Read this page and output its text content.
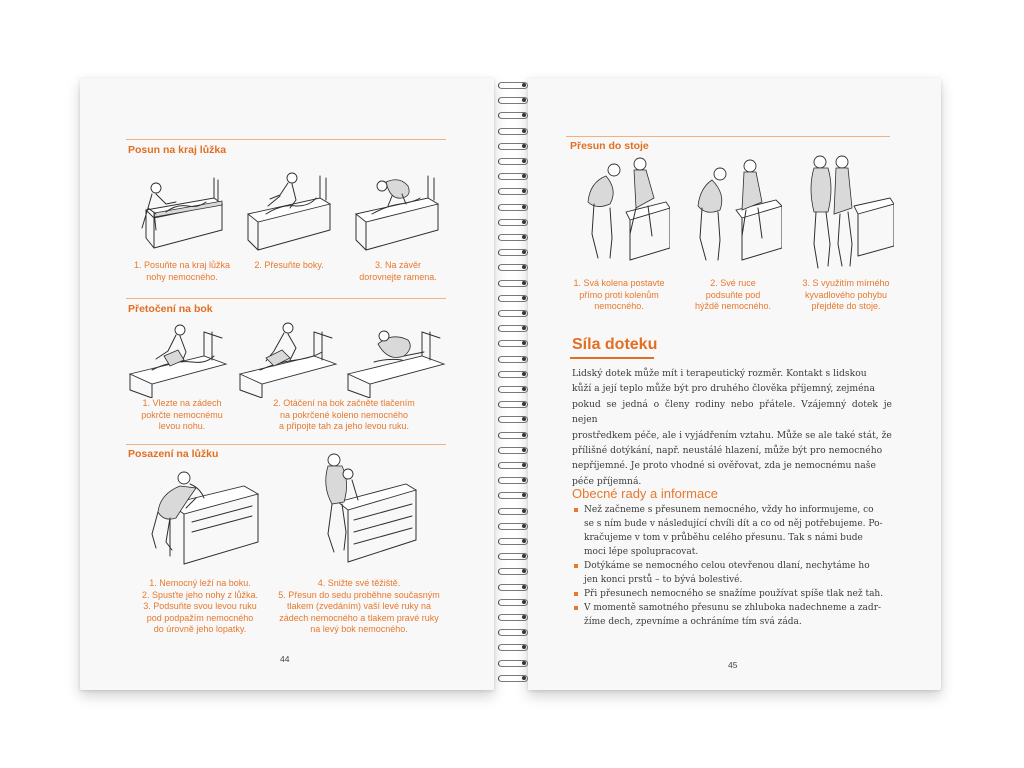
Posun na kraj lůžka
1. Posuňte na kraj lůžka
nohy nemocného.
2. Přesuňte boky.	3. Na závěr
dorovnejte ramena.
Přetočení na bok
1. Vlezte na zádech
pokrčte nemocnému
levou nohu.
2. Otáčení na bok začněte tlačením
na pokrčené koleno nemocného
a připojte tah za jeho levou ruku.
Posazení na lůžku
1. Nemocný leží na boku.
2. Spusťte jeho nohy z lůžka.
3. Podsuňte svou levou ruku
pod podpažím nemocného
do úrovně jeho lopatky.
4. Snižte své těžiště.
5. Přesun do sedu proběhne současným
tlakem (zvedáním) vaší levé ruky na
zádech nemocného a tlakem pravé ruky
na levý bok nemocného.
44
Přesun do stoje
1. Svá kolena postavte
přímo proti kolenům
nemocného.
2. Své ruce
podsuňte pod
hýždě nemocného.
3. S využitím mírného
kyvadlového pohybu
přejděte do stoje.
Síla doteku
Lidský dotek může mít i terapeutický rozměr. Kontakt s lidskou
kůží a její teplo může být pro druhého člověka příjemný, zejména
pokud se jedná o členy rodiny nebo přátele. Vzájemný dotek je nejen
prostředkem péče, ale i vyjádřením vztahu. Může se ale také stát, že
přílišné dotýkání, např. neustálé hlazení, může být pro nemocného
nepříjemné. Je proto vhodné si ověřovat, zda je nemocnému naše
péče příjemná.
Obecné rady a informace
Než začneme s přesunem nemocného, vždy ho informujeme, co
se s ním bude v následující chvíli dít a co od něj potřebujeme. Po-
kračujeme v tom v průběhu celého přesunu. Tak s námi bude
moci lépe spolupracovat.
Dotýkáme se nemocného celou otevřenou dlaní, nechytáme ho
jen konci prstů – to bývá bolestivé.
Při přesunech nemocného se snažíme používat spíše tlak než tah.
V momentě samotného přesunu se zhluboka nadechneme a zadr-
žíme dech, zpevníme a ochráníme tím svá záda.
45
